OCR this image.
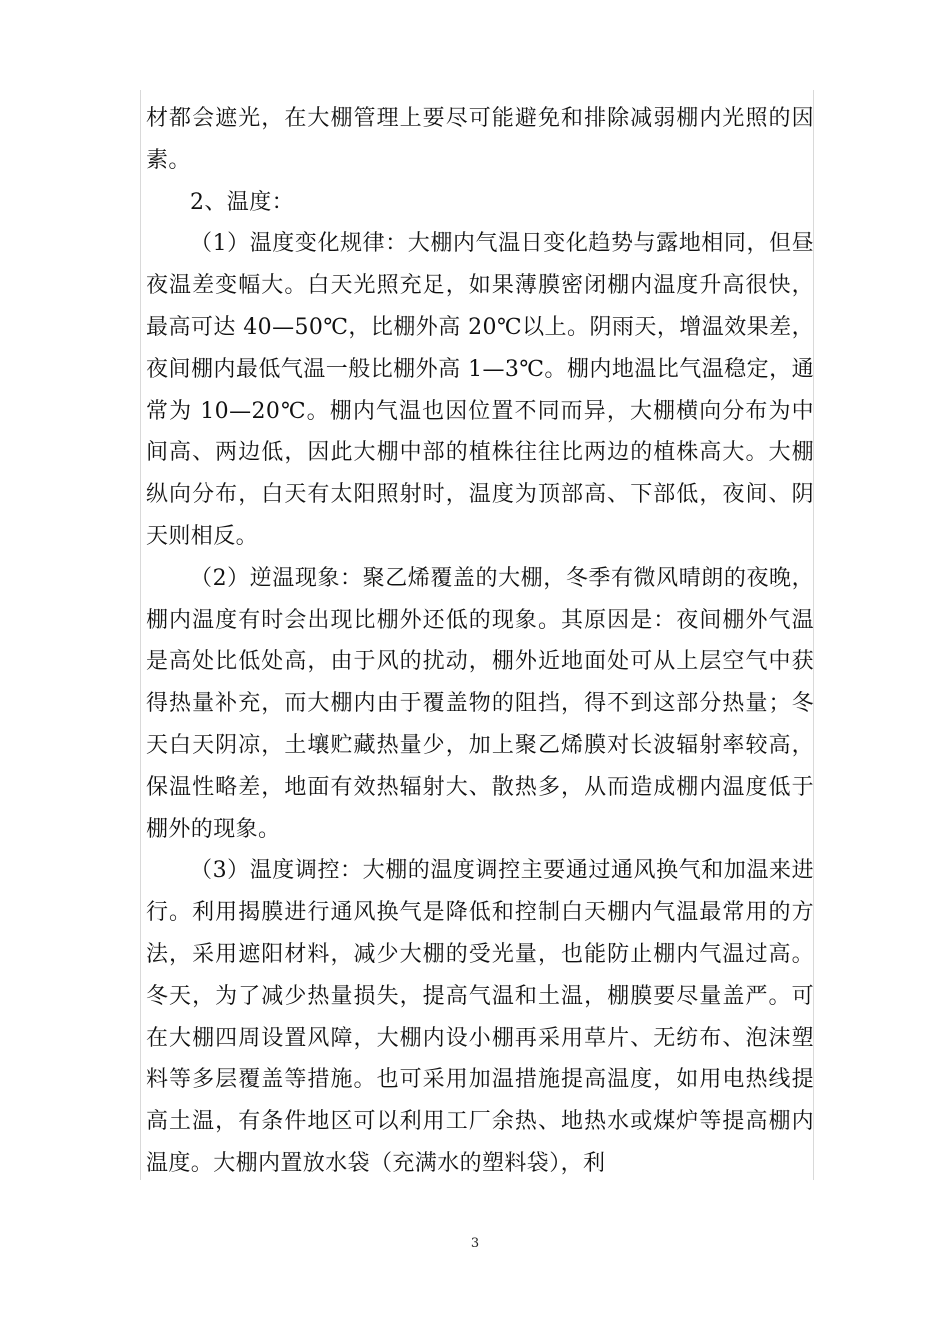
材都会遮光，在大棚管理上要尽可能避免和排除减弱棚内光照的因素。

2、温度：

（1）温度变化规律：大棚内气温日变化趋势与露地相同，但昼夜温差变幅大。白天光照充足，如果薄膜密闭棚内温度升高很快，最高可达 40—50℃，比棚外高 20℃以上。阴雨天，增温效果差，夜间棚内最低气温一般比棚外高 1—3℃。棚内地温比气温稳定，通常为 10—20℃。棚内气温也因位置不同而异，大棚横向分布为中间高、两边低，因此大棚中部的植株往往比两边的植株高大。大棚纵向分布，白天有太阳照射时，温度为顶部高、下部低，夜间、阴天则相反。

（2）逆温现象：聚乙烯覆盖的大棚，冬季有微风晴朗的夜晚，棚内温度有时会出现比棚外还低的现象。其原因是：夜间棚外气温是高处比低处高，由于风的扰动，棚外近地面处可从上层空气中获得热量补充，而大棚内由于覆盖物的阻挡，得不到这部分热量；冬天白天阴凉，土壤贮藏热量少，加上聚乙烯膜对长波辐射率较高，保温性略差，地面有效热辐射大、散热多，从而造成棚内温度低于棚外的现象。

（3）温度调控：大棚的温度调控主要通过通风换气和加温来进行。利用揭膜进行通风换气是降低和控制白天棚内气温最常用的方法，采用遮阳材料，减少大棚的受光量，也能防止棚内气温过高。冬天，为了减少热量损失，提高气温和土温，棚膜要尽量盖严。可在大棚四周设置风障，大棚内设小棚再采用草片、无纺布、泡沫塑料等多层覆盖等措施。也可采用加温措施提高温度，如用电热线提高土温，有条件地区可以利用工厂余热、地热水或煤炉等提高棚内温度。大棚内置放水袋（充满水的塑料袋），利

3
